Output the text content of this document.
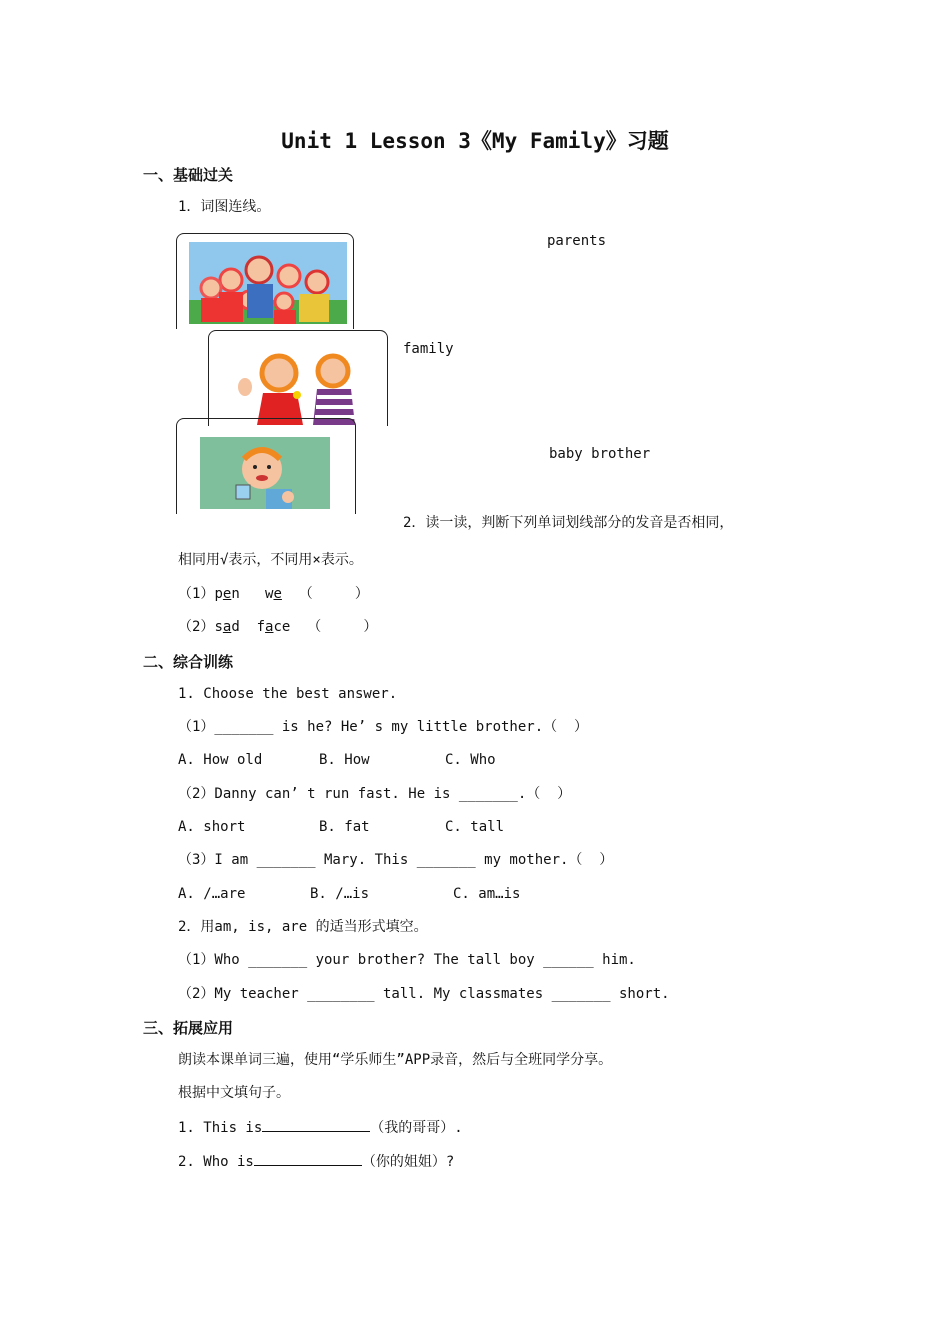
Unit 1 Lesson 3《My Family》习题
一、基础过关
1．词图连线。
parents
family
baby brother
2．读一读，判断下列单词划线部分的发音是否相同，
相同用√表示，不同用×表示。
（1）pen we （     ）
（2）sad face （     ）
二、综合训练
1. Choose the best answer.
（1）_______ is he? He’ s my little brother.（  ）
A. How old	B. How	C. Who
（2）Danny can’ t run fast. He is _______.（  ）
A. short	B. fat	C. tall
（3）I am _______ Mary. This _______ my mother.（  ）
A. /…are	B. /…is	C. am…is
2．用am, is, are 的适当形式填空。
（1）Who _______ your brother? The tall boy ______ him.
（2）My teacher ________ tall. My classmates _______ short.
三、拓展应用
朗读本课单词三遍，使用“学乐师生”APP录音，然后与全班同学分享。
根据中文填句子。
1. This is	（我的哥哥）.
2. Who is	（你的姐姐）?
